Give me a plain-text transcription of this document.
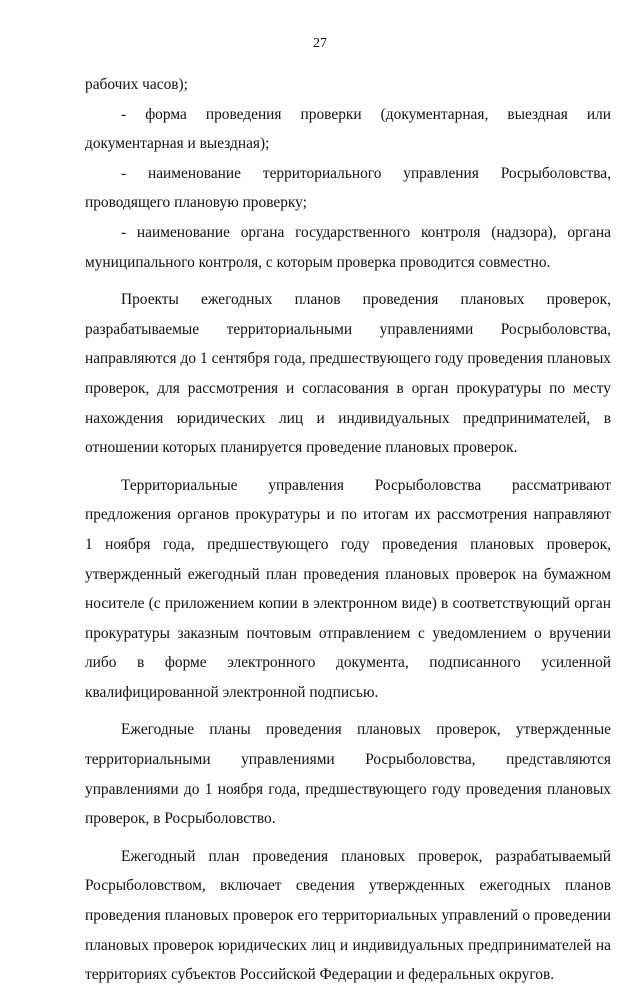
27
рабочих часов);
- форма проведения проверки (документарная, выездная или
документарная и выездная);
- наименование территориального управления Росрыболовства,
проводящего плановую проверку;
- наименование органа государственного контроля (надзора), органа
муниципального контроля, с которым проверка проводится совместно.
Проекты ежегодных планов проведения плановых проверок,
разрабатываемые территориальными управлениями Росрыболовства,
направляются до 1 сентября года, предшествующего году проведения плановых
проверок, для рассмотрения и согласования в орган прокуратуры по месту
нахождения юридических лиц и индивидуальных предпринимателей, в
отношении которых планируется проведение плановых проверок.
Территориальные управления Росрыболовства рассматривают
предложения органов прокуратуры и по итогам их рассмотрения направляют
1 ноября года, предшествующего году проведения плановых проверок,
утвержденный ежегодный план проведения плановых проверок на бумажном
носителе (с приложением копии в электронном виде) в соответствующий орган
прокуратуры заказным почтовым отправлением с уведомлением о вручении
либо в форме электронного документа, подписанного усиленной
квалифицированной электронной подписью.
Ежегодные планы проведения плановых проверок, утвержденные
территориальными управлениями Росрыболовства, представляются
управлениями до 1 ноября года, предшествующего году проведения плановых
проверок, в Росрыболовство.
Ежегодный план проведения плановых проверок, разрабатываемый
Росрыболовством, включает сведения утвержденных ежегодных планов
проведения плановых проверок его территориальных управлений о проведении
плановых проверок юридических лиц и индивидуальных предпринимателей на
территориях субъектов Российской Федерации и федеральных округов.
